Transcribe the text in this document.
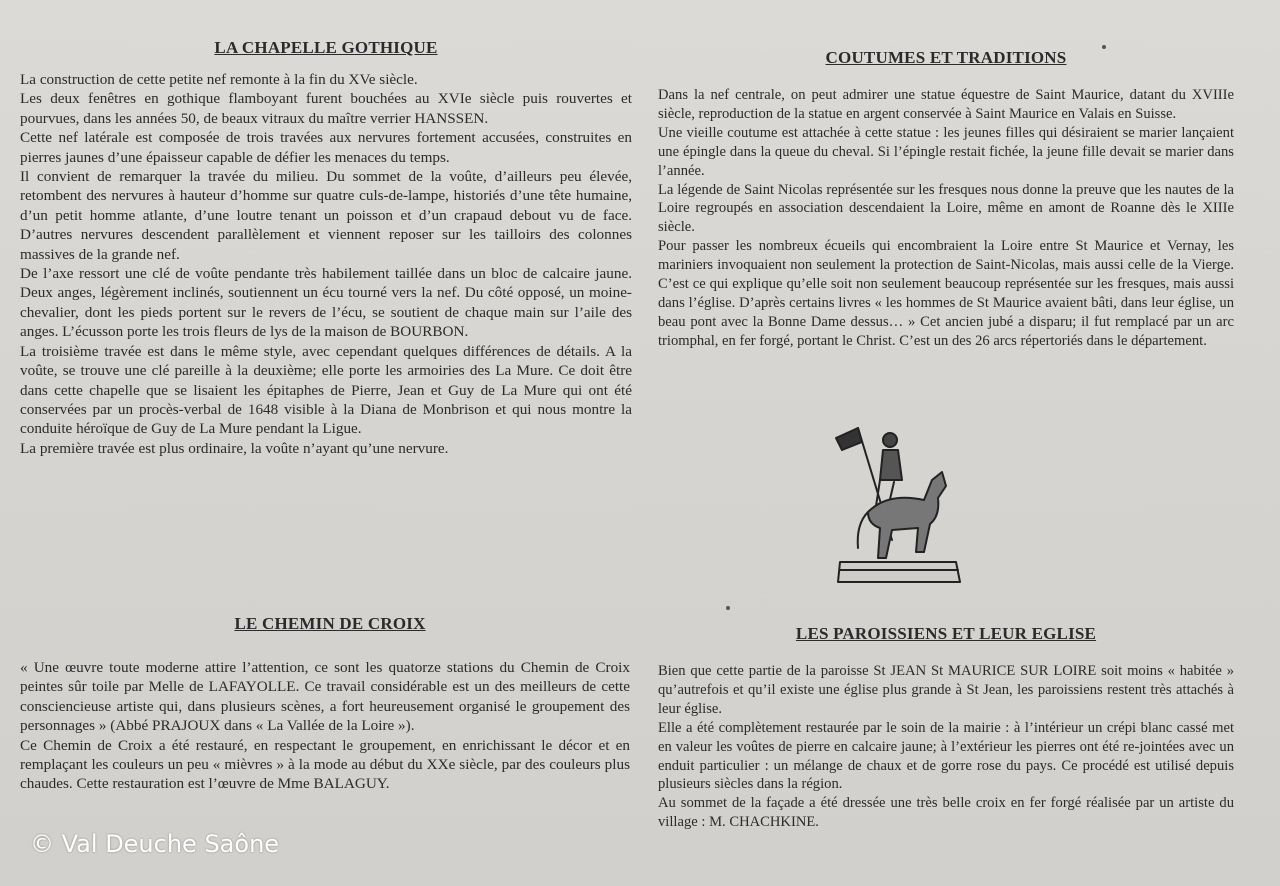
LA CHAPELLE GOTHIQUE

La construction de cette petite nef remonte à la fin du XVe siècle.

Les deux fenêtres en gothique flamboyant furent bouchées au XVIe siècle puis rouvertes et pourvues, dans les années 50, de beaux vitraux du maître verrier HANSSEN.

Cette nef latérale est composée de trois travées aux nervures fortement accusées, construites en pierres jaunes d’une épaisseur capable de défier les menaces du temps.

Il convient de remarquer la travée du milieu. Du sommet de la voûte, d’ailleurs peu élevée, retombent des nervures à hauteur d’homme sur quatre culs-de-lampe, historiés d’une tête humaine, d’un petit homme atlante, d’une loutre tenant un poisson et d’un crapaud debout vu de face. D’autres nervures descendent parallèlement et viennent reposer sur les tailloirs des colonnes massives de la grande nef.

De l’axe ressort une clé de voûte pendante très habilement taillée dans un bloc de calcaire jaune. Deux anges, légèrement inclinés, soutiennent un écu tourné vers la nef. Du côté opposé, un moine-chevalier, dont les pieds portent sur le revers de l’écu, se soutient de chaque main sur l’aile des anges. L’écusson porte les trois fleurs de lys de la maison de BOURBON.

La troisième travée est dans le même style, avec cependant quelques différences de détails. A la voûte, se trouve une clé pareille à la deuxième; elle porte les armoiries des La Mure. Ce doit être dans cette chapelle que se lisaient les épitaphes de Pierre, Jean et Guy de La Mure qui ont été conservées par un procès-verbal de 1648 visible à la Diana de Monbrison et qui nous montre la conduite héroïque de Guy de La Mure pendant la Ligue.

La première travée est plus ordinaire, la voûte n’ayant qu’une nervure.

LE CHEMIN DE CROIX

« Une œuvre toute moderne attire l’attention, ce sont les quatorze stations du Chemin de Croix peintes sûr toile par Melle de LAFAYOLLE. Ce travail considérable est un des meilleurs de cette consciencieuse artiste qui, dans plusieurs scènes, a fort heureusement organisé le groupement des personnages » (Abbé PRAJOUX dans « La Vallée de la Loire »).

Ce Chemin de Croix a été restauré, en respectant le groupement, en enrichissant le décor et en remplaçant les couleurs un peu « mièvres » à la mode au début du XXe siècle, par des couleurs plus chaudes. Cette restauration est l’œuvre de Mme BALAGUY.

COUTUMES ET TRADITIONS

Dans la nef centrale, on peut admirer une statue équestre de Saint Maurice, datant du XVIIIe siècle, reproduction de la statue en argent conservée à Saint Maurice en Valais en Suisse.

Une vieille coutume est attachée à cette statue : les jeunes filles qui désiraient se marier lançaient une épingle dans la queue du cheval. Si l’épingle restait fichée, la jeune fille devait se marier dans l’année.

La légende de Saint Nicolas représentée sur les fresques nous donne la preuve que les nautes de la Loire regroupés en association descendaient la Loire, même en amont de Roanne dès le XIIIe siècle.

Pour passer les nombreux écueils qui encombraient la Loire entre St Maurice et Vernay, les mariniers invoquaient non seulement la protection de Saint-Nicolas, mais aussi celle de la Vierge. C’est ce qui explique qu’elle soit non seulement beaucoup représentée sur les fresques, mais aussi dans l’église. D’après certains livres « les hommes de St Maurice avaient bâti, dans leur église, un beau pont avec la Bonne Dame dessus… » Cet ancien jubé a disparu; il fut remplacé par un arc triomphal, en fer forgé, portant le Christ. C’est un des 26 arcs répertoriés dans le département.

LES PAROISSIENS ET LEUR EGLISE

Bien que cette partie de la paroisse St JEAN St MAURICE SUR LOIRE soit moins « habitée » qu’autrefois et qu’il existe une église plus grande à St Jean, les paroissiens restent très attachés à leur église.

Elle a été complètement restaurée par le soin de la mairie : à l’intérieur un crépi blanc cassé met en valeur les voûtes de pierre en calcaire jaune; à l’extérieur les pierres ont été re-jointées avec un enduit particulier : un mélange de chaux et de gorre rose du pays. Ce procédé est utilisé depuis plusieurs siècles dans la région.

Au sommet de la façade a été dressée une très belle croix en fer forgé réalisée par un artiste du village : M. CHACHKINE.

© Val Deuche Saône
